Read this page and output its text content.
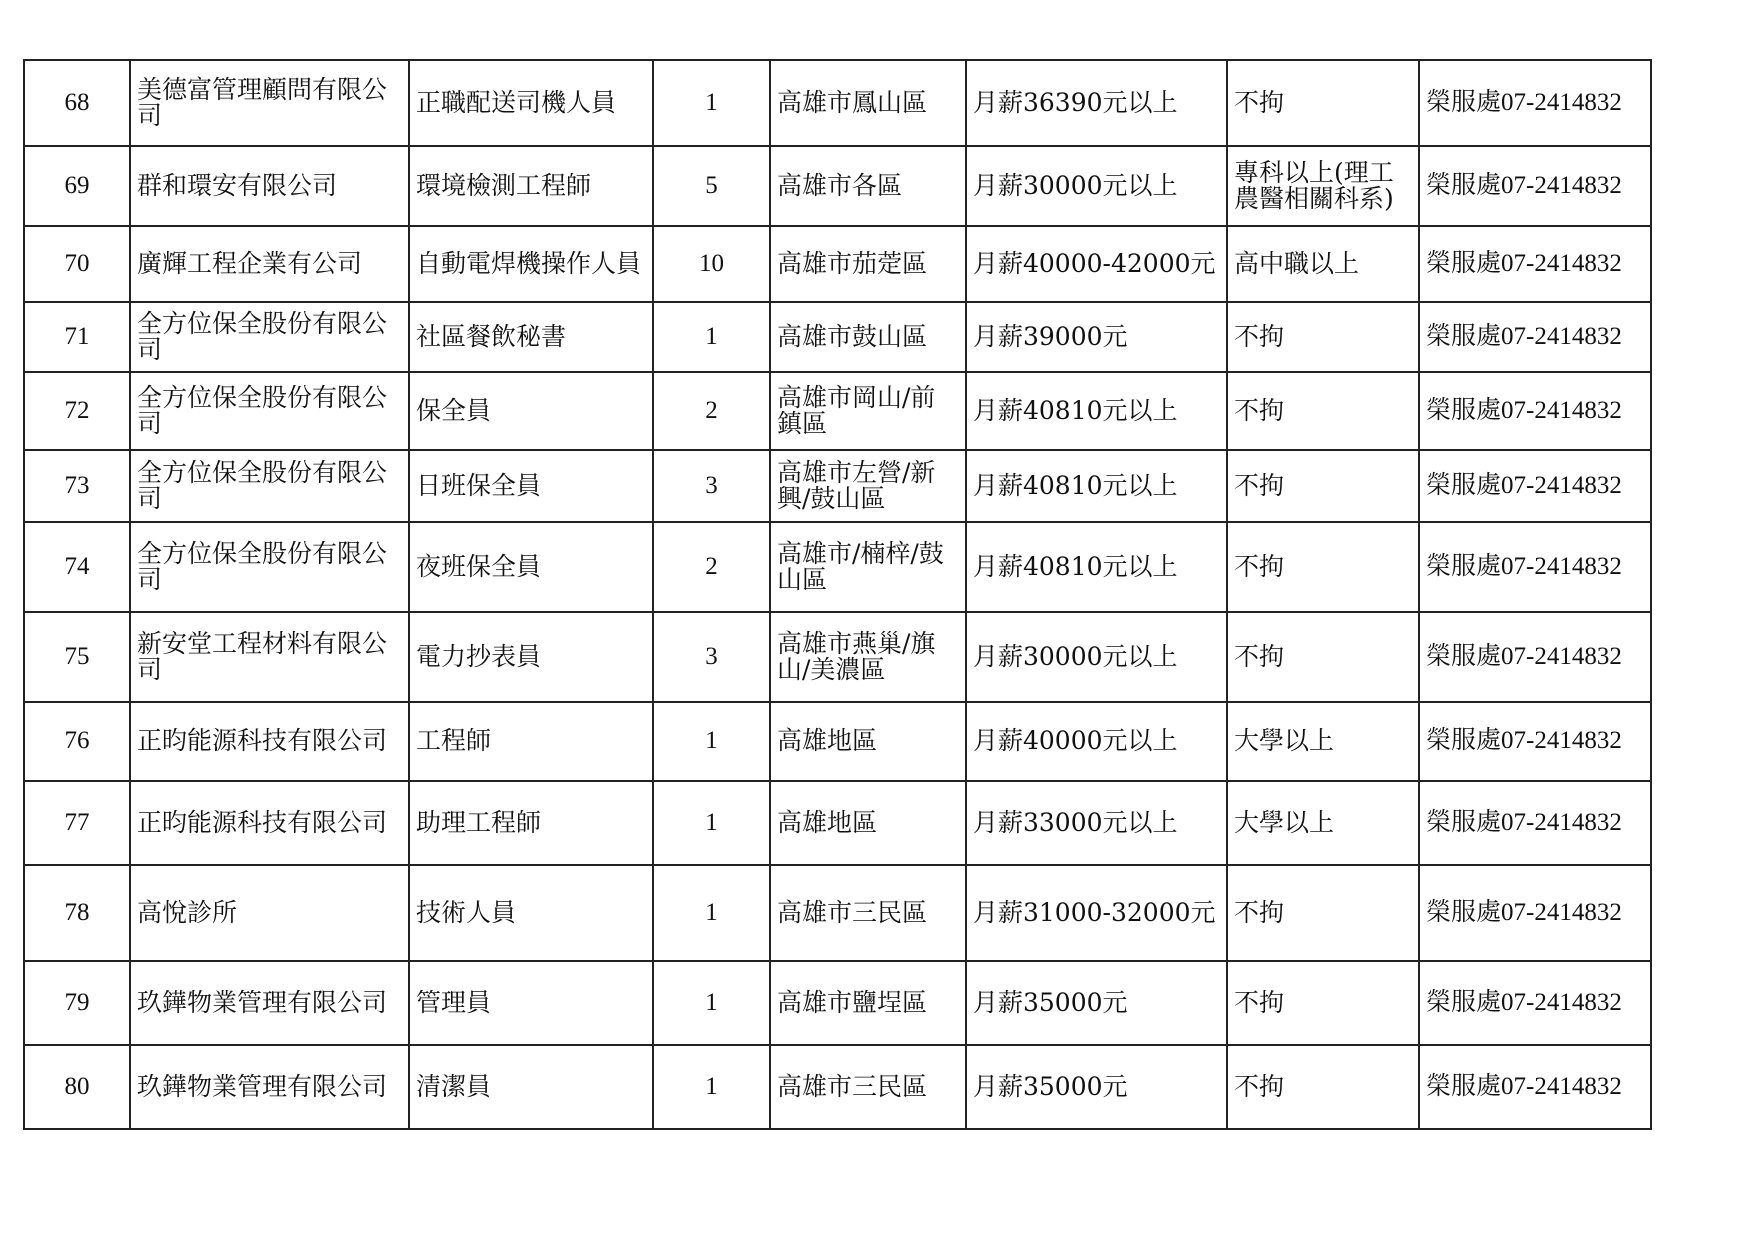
68	美德富管理顧問有限公司	正職配送司機人員	1	高雄市鳳山區	月薪36390元以上	不拘	榮服處07-2414832
69	群和環安有限公司	環境檢測工程師	5	高雄市各區	月薪30000元以上	專科以上(理工農醫相關科系)	榮服處07-2414832
70	廣輝工程企業有公司	自動電焊機操作人員	10	高雄市茄萣區	月薪40000-42000元	高中職以上	榮服處07-2414832
71	全方位保全股份有限公司	社區餐飲秘書	1	高雄市鼓山區	月薪39000元	不拘	榮服處07-2414832
72	全方位保全股份有限公司	保全員	2	高雄市岡山/前鎮區	月薪40810元以上	不拘	榮服處07-2414832
73	全方位保全股份有限公司	日班保全員	3	高雄市左營/新興/鼓山區	月薪40810元以上	不拘	榮服處07-2414832
74	全方位保全股份有限公司	夜班保全員	2	高雄市/楠梓/鼓山區	月薪40810元以上	不拘	榮服處07-2414832
75	新安堂工程材料有限公司	電力抄表員	3	高雄市燕巢/旗山/美濃區	月薪30000元以上	不拘	榮服處07-2414832
76	正昀能源科技有限公司	工程師	1	高雄地區	月薪40000元以上	大學以上	榮服處07-2414832
77	正昀能源科技有限公司	助理工程師	1	高雄地區	月薪33000元以上	大學以上	榮服處07-2414832
78	高悅診所	技術人員	1	高雄市三民區	月薪31000-32000元	不拘	榮服處07-2414832
79	玖鏵物業管理有限公司	管理員	1	高雄市鹽埕區	月薪35000元	不拘	榮服處07-2414832
80	玖鏵物業管理有限公司	清潔員	1	高雄市三民區	月薪35000元	不拘	榮服處07-2414832
